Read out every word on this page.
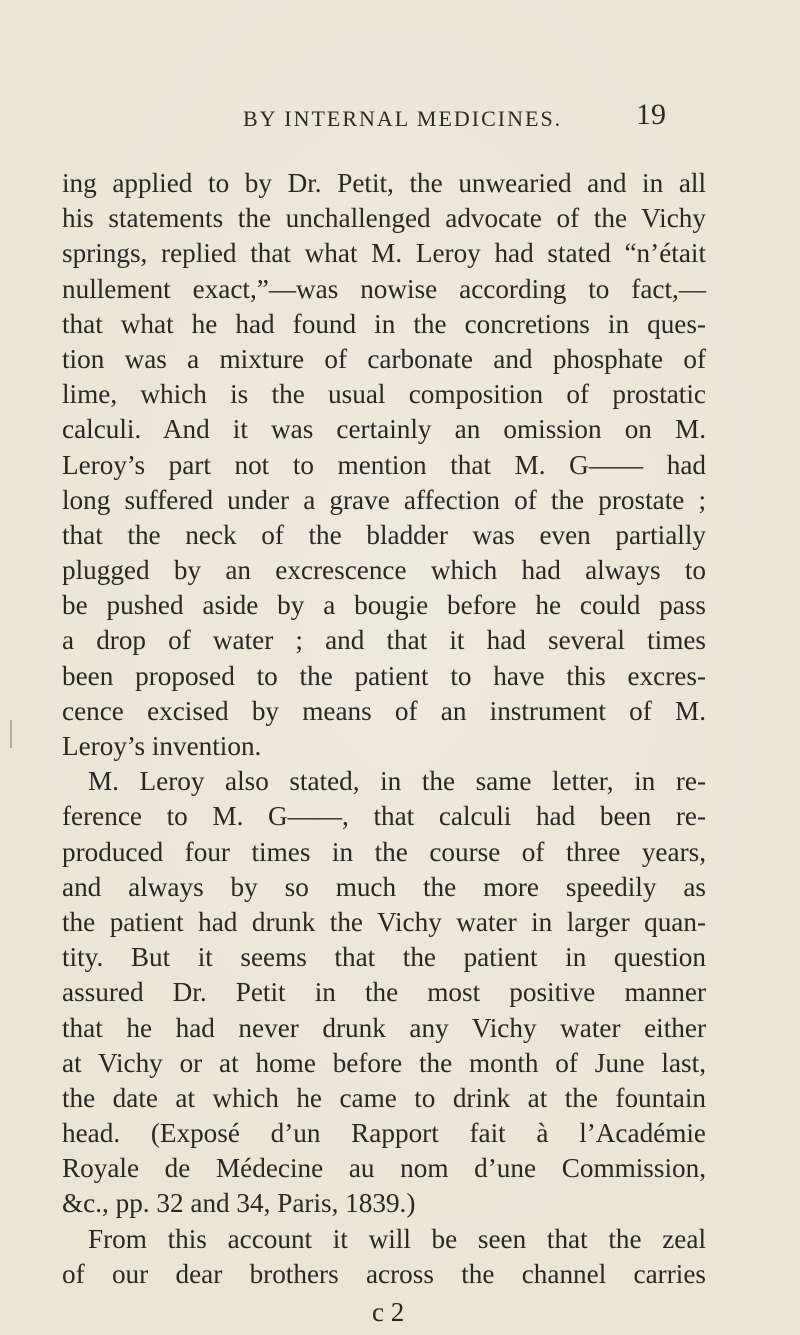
BY INTERNAL MEDICINES. 19
ing applied to by Dr. Petit, the unwearied and in all
his statements the unchallenged advocate of the Vichy
springs, replied that what M. Leroy had stated “n’était
nullement exact,”—was nowise according to fact,—
that what he had found in the concretions in ques-
tion was a mixture of carbonate and phosphate of
lime, which is the usual composition of prostatic
calculi. And it was certainly an omission on M.
Leroy’s part not to mention that M. G—— had
long suffered under a grave affection of the prostate ;
that the neck of the bladder was even partially
plugged by an excrescence which had always to
be pushed aside by a bougie before he could pass
a drop of water ; and that it had several times
been proposed to the patient to have this excres-
cence excised by means of an instrument of M.
Leroy’s invention.
M. Leroy also stated, in the same letter, in re-
ference to M. G——, that calculi had been re-
produced four times in the course of three years,
and always by so much the more speedily as
the patient had drunk the Vichy water in larger quan-
tity. But it seems that the patient in question
assured Dr. Petit in the most positive manner
that he had never drunk any Vichy water either
at Vichy or at home before the month of June last,
the date at which he came to drink at the fountain
head. (Exposé d’un Rapport fait à l’Académie
Royale de Médecine au nom d’une Commission,
&c., pp. 32 and 34, Paris, 1839.)
From this account it will be seen that the zeal
of our dear brothers across the channel carries
c 2
